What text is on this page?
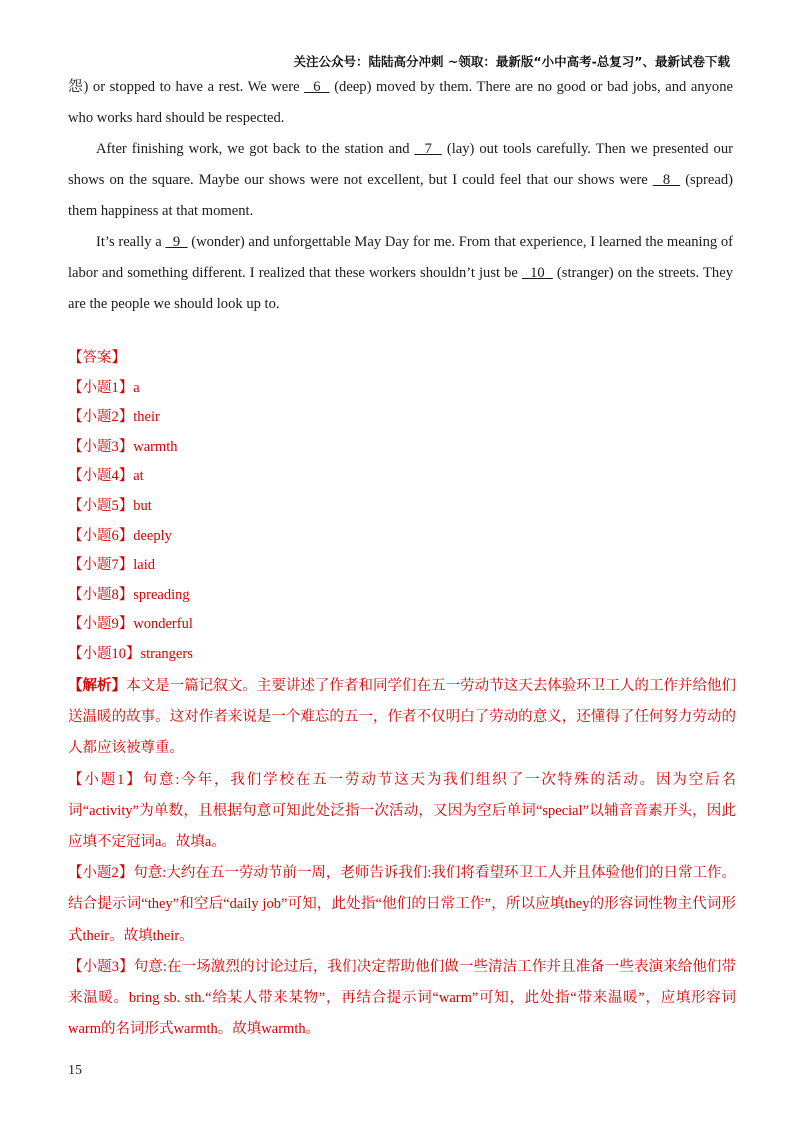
关注公众号：陆陆高分冲刺 ~领取：最新版“小中高考-总复习”、最新试卷下载

怨) or stopped to have a rest. We were   6   (deep) moved by them. There are no good or bad jobs, and anyone who works hard should be respected.

After finishing work, we got back to the station and   7   (lay) out tools carefully. Then we presented our shows on the square. Maybe our shows were not excellent, but I could feel that our shows were   8   (spread) them happiness at that moment.

It’s really a   9   (wonder) and unforgettable May Day for me. From that experience, I learned the meaning of labor and something different. I realized that these workers shouldn’t just be   10   (stranger) on the streets. They are the people we should look up to.

【答案】
【小题1】a
【小题2】their
【小题3】warmth
【小题4】at
【小题5】but
【小题6】deeply
【小题7】laid
【小题8】spreading
【小题9】wonderful
【小题10】strangers

【解析】本文是一篇记叙文。主要讲述了作者和同学们在五一劳动节这天去体验环卫工人的工作并给他们送温暖的故事。这对作者来说是一个难忘的五一，作者不仅明白了劳动的意义，还懂得了任何努力劳动的人都应该被尊重。

【小题1】句意:今年，我们学校在五一劳动节这天为我们组织了一次特殊的活动。因为空后名词“activity”为单数，且根据句意可知此处泛指一次活动，又因为空后单词“special”以辅音音素开头，因此应填不定冠词a。故填a。

【小题2】句意:大约在五一劳动节前一周，老师告诉我们:我们将看望环卫工人并且体验他们的日常工作。结合提示词“they”和空后“daily job”可知，此处指“他们的日常工作”，所以应填they的形容词性物主代词形式their。故填their。

【小题3】句意:在一场激烈的讨论过后，我们决定帮助他们做一些清洁工作并且准备一些表演来给他们带来温暖。bring sb. sth.“给某人带来某物”，再结合提示词“warm”可知，此处指“带来温暖”，应填形容词warm的名词形式warmth。故填warmth。

15
